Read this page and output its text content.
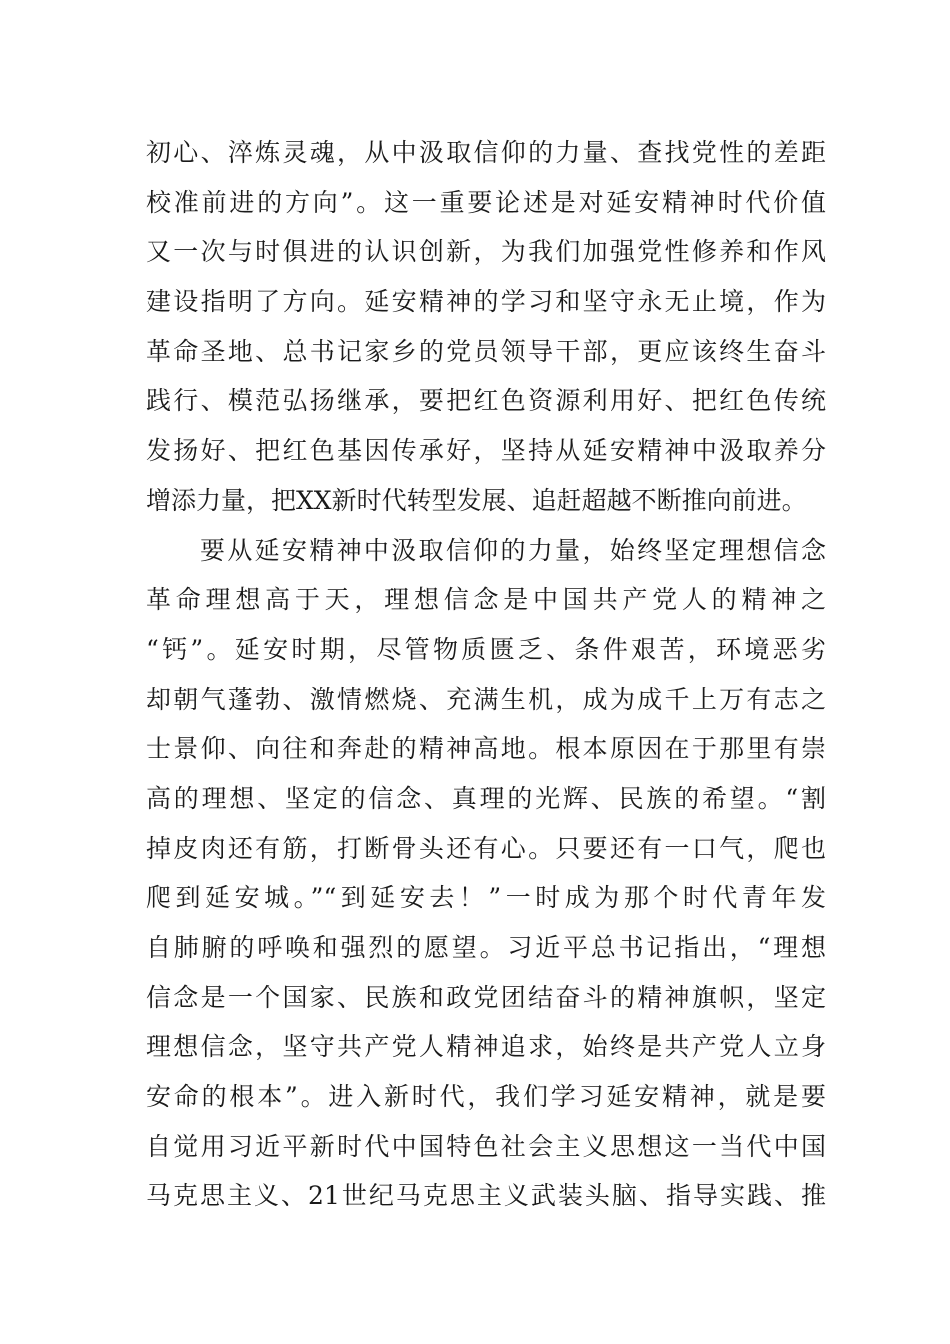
初心、淬炼灵魂，从中汲取信仰的力量、查找党性的差距
校准前进的方向”。这一重要论述是对延安精神时代价值
又一次与时俱进的认识创新，为我们加强党性修养和作风
建设指明了方向。延安精神的学习和坚守永无止境，作为
革命圣地、总书记家乡的党员领导干部，更应该终生奋斗
践行、模范弘扬继承，要把红色资源利用好、把红色传统
发扬好、把红色基因传承好，坚持从延安精神中汲取养分
增添力量，把XX新时代转型发展、追赶超越不断推向前进。
要从延安精神中汲取信仰的力量，始终坚定理想信念
革命理想高于天，理想信念是中国共产党人的精神之
“钙”。延安时期，尽管物质匮乏、条件艰苦，环境恶劣
却朝气蓬勃、激情燃烧、充满生机，成为成千上万有志之
士景仰、向往和奔赴的精神高地。根本原因在于那里有崇
高的理想、坚定的信念、真理的光辉、民族的希望。“割
掉皮肉还有筋，打断骨头还有心。只要还有一口气，爬也
爬到延安城。”“到延安去！”一时成为那个时代青年发
自肺腑的呼唤和强烈的愿望。习近平总书记指出，“理想
信念是一个国家、民族和政党团结奋斗的精神旗帜，坚定
理想信念，坚守共产党人精神追求，始终是共产党人立身
安命的根本”。进入新时代，我们学习延安精神，就是要
自觉用习近平新时代中国特色社会主义思想这一当代中国
马克思主义、21世纪马克思主义武装头脑、指导实践、推
